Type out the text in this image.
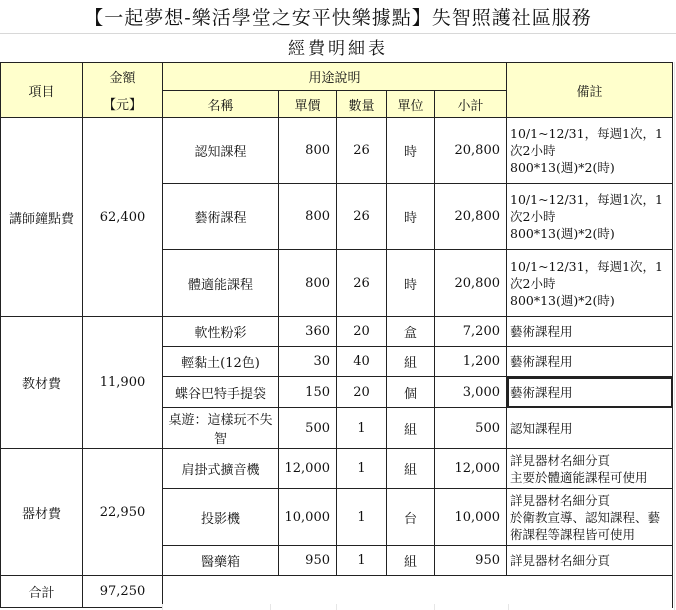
【一起夢想-樂活學堂之安平快樂據點】失智照護社區服務
經費明細表
項目	金額	用途說明					備註
	【元】	名稱	單價	數量	單位	小計	
講師鐘點費	62,400	認知課程	800	26	時	20,800	10/1~12/31，每週1次，1次2小時
800*13(週)*2(時)

		藝術課程	800	26	時	20,800	10/1~12/31，每週1次，1次2小時
800*13(週)*2(時)

		體適能課程	800	26	時	20,800	10/1~12/31，每週1次，1次2小時
800*13(週)*2(時)

教材費	11,900	軟性粉彩	360	20	盒	7,200	藝術課程用

		輕黏土(12色)	30	40	組	1,200	藝術課程用

		蝶谷巴特手提袋	150	20	個	3,000	藝術課程用

		桌遊：這樣玩不失智	500	1	組	500	認知課程用

器材費	22,950	肩掛式擴音機	12,000	1	組	12,000	詳見器材名細分頁
主要於體適能課程可使用

		投影機	10,000	1	台	10,000	詳見器材名細分頁
於衛教宣導、認知課程、藝術課程等課程皆可使用

		醫藥箱	950	1	組	950	詳見器材名細分頁

合計	97,250						
